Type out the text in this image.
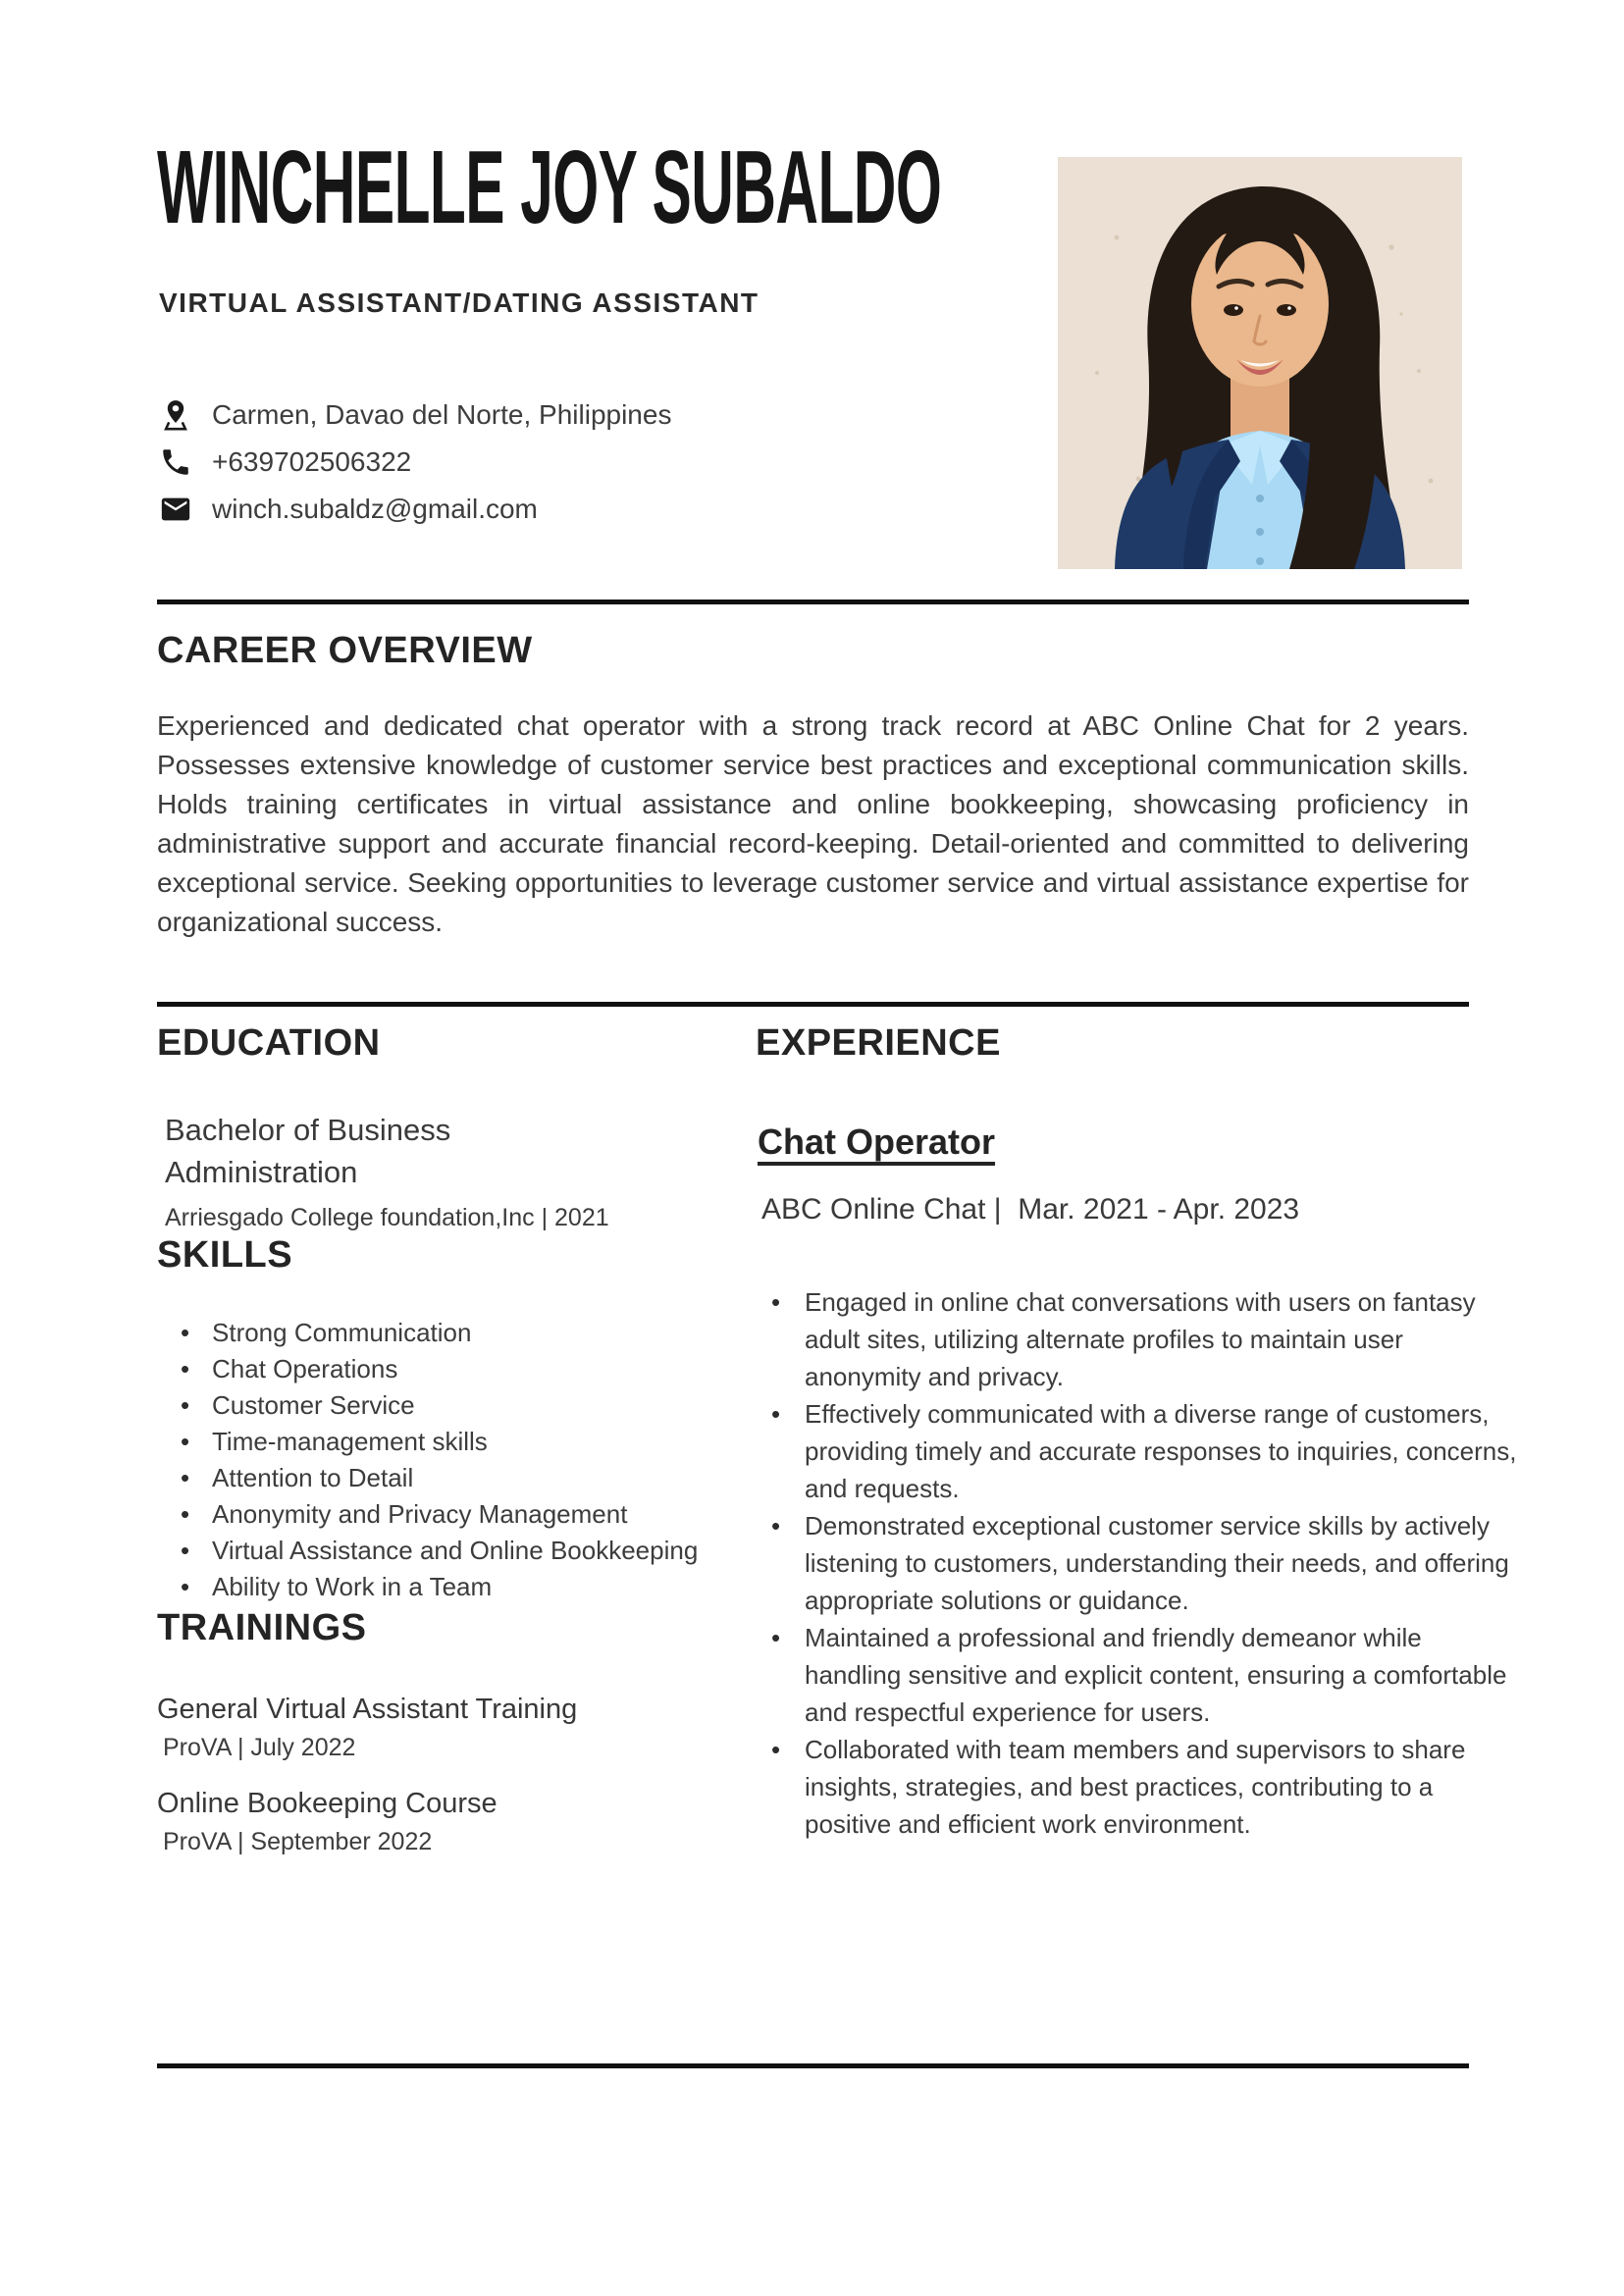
WINCHELLE JOY SUBALDO
VIRTUAL ASSISTANT/DATING ASSISTANT
Carmen, Davao del Norte, Philippines
+639702506322
winch.subaldz@gmail.com
CAREER OVERVIEW

Experienced and dedicated chat operator with a strong track record at ABC Online Chat for 2 years. Possesses extensive knowledge of customer service best practices and exceptional communication skills. Holds training certificates in virtual assistance and online bookkeeping, showcasing proficiency in administrative support and accurate financial record-keeping. Detail-oriented and committed to delivering exceptional service. Seeking opportunities to leverage customer service and virtual assistance expertise for organizational success.

EDUCATION
Bachelor of Business Administration
Arriesgado College foundation,Inc | 2021
SKILLS
• Strong Communication
• Chat Operations
• Customer Service
• Time-management skills
• Attention to Detail
• Anonymity and Privacy Management
• Virtual Assistance and Online Bookkeeping
• Ability to Work in a Team
TRAININGS
General Virtual Assistant Training
ProVA | July 2022
Online Bookeeping Course
ProVA | September 2022
EXPERIENCE
Chat Operator
ABC Online Chat |  Mar. 2021 - Apr. 2023
• Engaged in online chat conversations with users on fantasy adult sites, utilizing alternate profiles to maintain user anonymity and privacy.
• Effectively communicated with a diverse range of customers, providing timely and accurate responses to inquiries, concerns, and requests.
• Demonstrated exceptional customer service skills by actively listening to customers, understanding their needs, and offering appropriate solutions or guidance.
• Maintained a professional and friendly demeanor while handling sensitive and explicit content, ensuring a comfortable and respectful experience for users.
• Collaborated with team members and supervisors to share insights, strategies, and best practices, contributing to a positive and efficient work environment.
